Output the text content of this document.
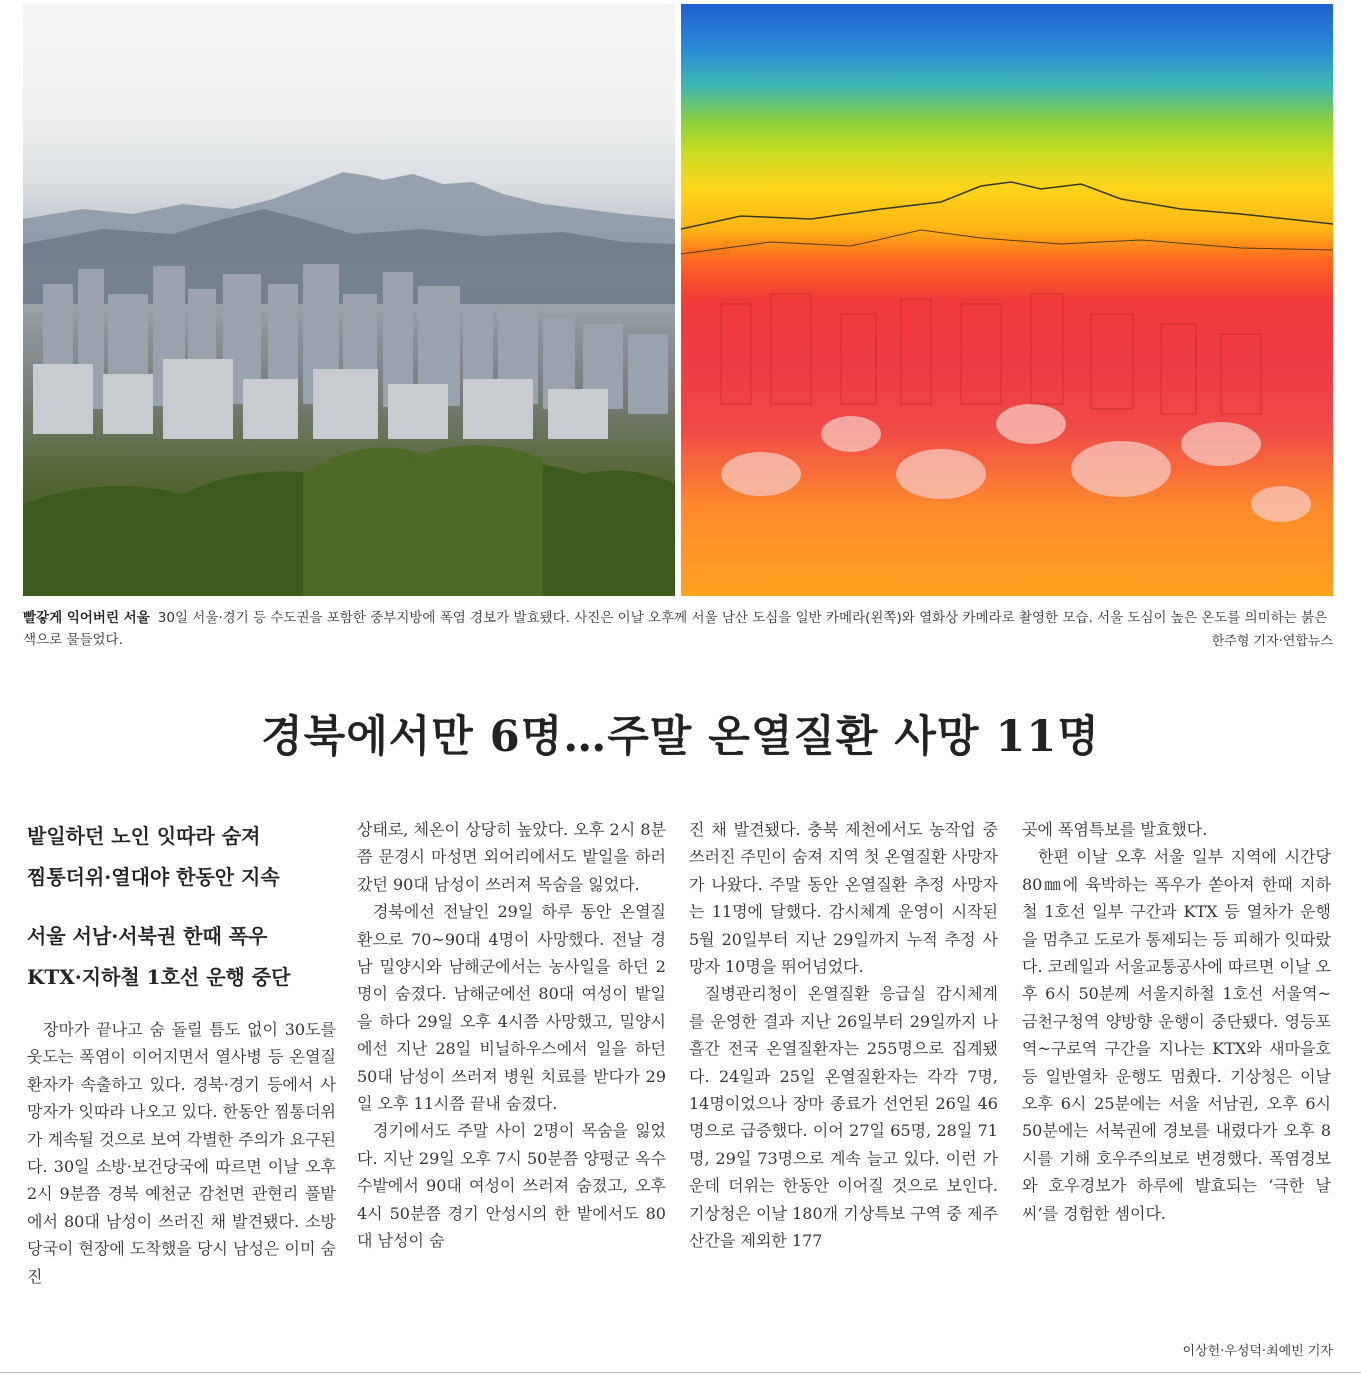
빨갛게 익어버린 서울 30일 서울·경기 등 수도권을 포함한 중부지방에 폭염 경보가 발효됐다. 사진은 이날 오후께 서울 남산 도심을 일반 카메라(왼쪽)와 열화상 카메라로 촬영한 모습. 서울 도심이 높은 온도를 의미하는 붉은색으로 물들었다.	한주형 기자·연합뉴스
경북에서만 6명…주말 온열질환 사망 11명
밭일하던 노인 잇따라 숨져
찜통더위·열대야 한동안 지속
서울 서남·서북권 한때 폭우
KTX·지하철 1호선 운행 중단

장마가 끝나고 숨 돌릴 틈도 없이 30도를 웃도는 폭염이 이어지면서 열사병 등 온열질환자가 속출하고 있다. 경북·경기 등에서 사망자가 잇따라 나오고 있다. 한동안 찜통더위가 계속될 것으로 보여 각별한 주의가 요구된다. 30일 소방·보건당국에 따르면 이날 오후 2시 9분쯤 경북 예천군 감천면 관현리 풀밭에서 80대 남성이 쓰러진 채 발견됐다. 소방당국이 현장에 도착했을 당시 남성은 이미 숨진

상태로, 체온이 상당히 높았다. 오후 2시 8분쯤 문경시 마성면 외어리에서도 밭일을 하러 갔던 90대 남성이 쓰러져 목숨을 잃었다.

경북에선 전날인 29일 하루 동안 온열질환으로 70~90대 4명이 사망했다. 전날 경남 밀양시와 남해군에서는 농사일을 하던 2명이 숨졌다. 남해군에선 80대 여성이 밭일을 하다 29일 오후 4시쯤 사망했고, 밀양시에선 지난 28일 비닐하우스에서 일을 하던 50대 남성이 쓰러져 병원 치료를 받다가 29일 오후 11시쯤 끝내 숨졌다.

경기에서도 주말 사이 2명이 목숨을 잃었다. 지난 29일 오후 7시 50분쯤 양평군 옥수수밭에서 90대 여성이 쓰러져 숨졌고, 오후 4시 50분쯤 경기 안성시의 한 밭에서도 80대 남성이 숨

진 채 발견됐다. 충북 제천에서도 농작업 중 쓰러진 주민이 숨져 지역 첫 온열질환 사망자가 나왔다. 주말 동안 온열질환 추정 사망자는 11명에 달했다. 감시체계 운영이 시작된 5월 20일부터 지난 29일까지 누적 추정 사망자 10명을 뛰어넘었다.

질병관리청이 온열질환 응급실 감시체계를 운영한 결과 지난 26일부터 29일까지 나흘간 전국 온열질환자는 255명으로 집계됐다. 24일과 25일 온열질환자는 각각 7명, 14명이었으나 장마 종료가 선언된 26일 46명으로 급증했다. 이어 27일 65명, 28일 71명, 29일 73명으로 계속 늘고 있다. 이런 가운데 더위는 한동안 이어질 것으로 보인다. 기상청은 이날 180개 기상특보 구역 중 제주 산간을 제외한 177

곳에 폭염특보를 발효했다.

한편 이날 오후 서울 일부 지역에 시간당 80㎜에 육박하는 폭우가 쏟아져 한때 지하철 1호선 일부 구간과 KTX 등 열차가 운행을 멈추고 도로가 통제되는 등 피해가 잇따랐다. 코레일과 서울교통공사에 따르면 이날 오후 6시 50분께 서울지하철 1호선 서울역~금천구청역 양방향 운행이 중단됐다. 영등포역~구로역 구간을 지나는 KTX와 새마을호 등 일반열차 운행도 멈췄다. 기상청은 이날 오후 6시 25분에는 서울 서남권, 오후 6시 50분에는 서북권에 경보를 내렸다가 오후 8시를 기해 호우주의보로 변경했다. 폭염경보와 호우경보가 하루에 발효되는 ‘극한 날씨’를 경험한 셈이다.

이상헌·우성덕·최예빈 기자
